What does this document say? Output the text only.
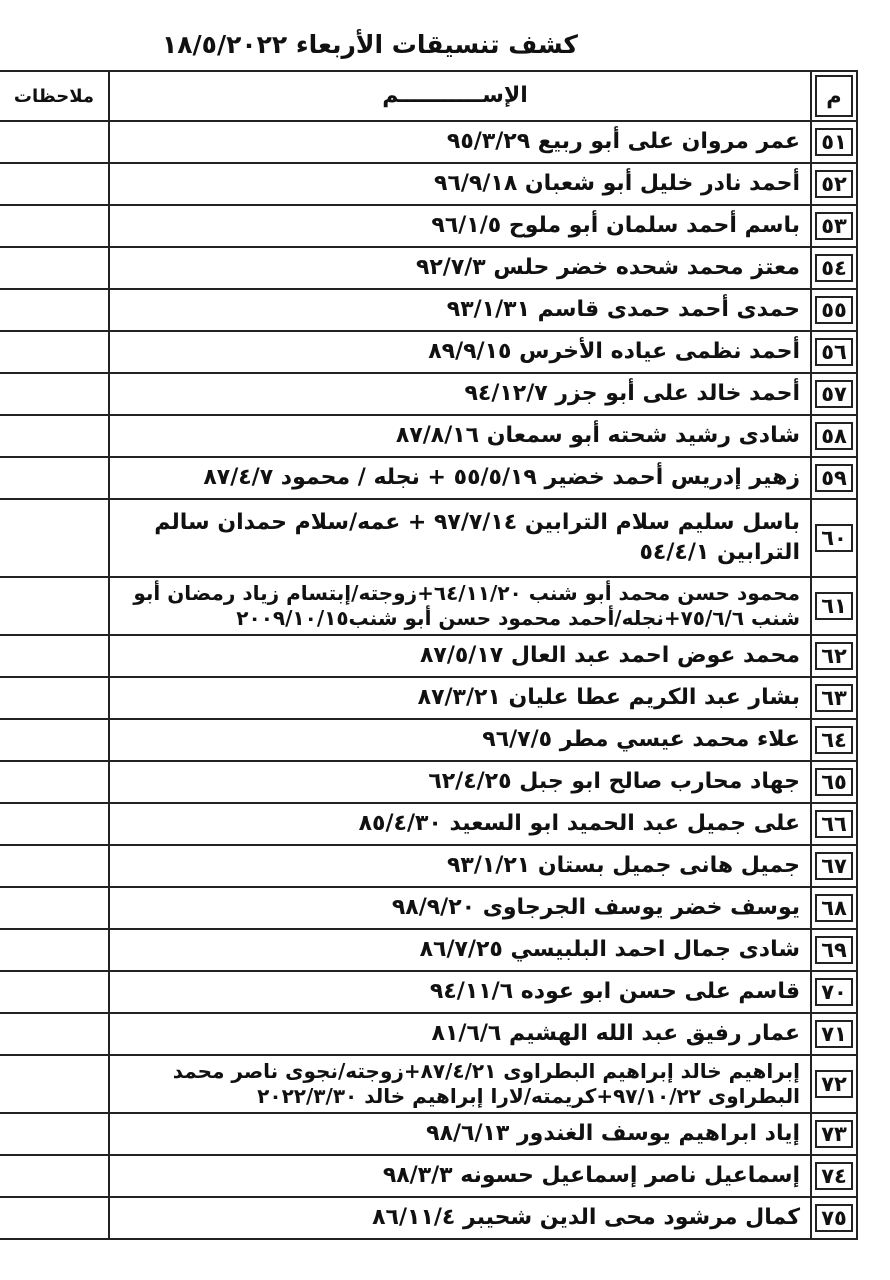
كشف تنسيقات الأربعاء ١٨/٥/٢٠٢٢
م	الإســـــــــــم	ملاحظات

٥١	عمر مروان على أبو ربيع ٩٥/٣/٢٩	

٥٢	أحمد نادر خليل أبو شعبان ٩٦/٩/١٨	

٥٣	باسم أحمد سلمان أبو ملوح ٩٦/١/٥	

٥٤	معتز محمد شحده خضر حلس ٩٢/٧/٣	

٥٥	حمدى أحمد حمدى قاسم ٩٣/١/٣١	

٥٦	أحمد نظمى عياده الأخرس ٨٩/٩/١٥	

٥٧	أحمد خالد على أبو جزر ٩٤/١٢/٧	

٥٨	شادى رشيد شحته أبو سمعان ٨٧/٨/١٦	

٥٩	زهير إدريس أحمد خضير ٥٥/٥/١٩ + نجله / محمود ٨٧/٤/٧	

٦٠	باسل سليم سلام الترابين ٩٧/٧/١٤ + عمه/سلام حمدان سالم الترابين ٥٤/٤/١	

٦١	محمود حسن محمد أبو شنب ٦٤/١١/٢٠+زوجته/إبتسام زياد رمضان أبو شنب ٧٥/٦/٦+نجله/أحمد محمود حسن أبو شنب٢٠٠٩/١٠/١٥	

٦٢	محمد عوض احمد عبد العال ٨٧/٥/١٧	

٦٣	بشار عبد الكريم عطا عليان ٨٧/٣/٢١	

٦٤	علاء محمد عيسي مطر ٩٦/٧/٥	

٦٥	جهاد محارب صالح ابو جبل ٦٢/٤/٢٥	

٦٦	على جميل عبد الحميد ابو السعيد ٨٥/٤/٣٠	

٦٧	جميل هانى جميل بستان ٩٣/١/٢١	

٦٨	يوسف خضر يوسف الجرجاوى ٩٨/٩/٢٠	

٦٩	شادى جمال احمد البلبيسي ٨٦/٧/٢٥	

٧٠	قاسم على حسن ابو عوده ٩٤/١١/٦	

٧١	عمار رفيق عبد الله الهشيم ٨١/٦/٦	

٧٢	إبراهيم خالد إبراهيم البطراوى ٨٧/٤/٢١+زوجته/نجوى ناصر محمد البطراوى ٩٧/١٠/٢٢+كريمته/لارا إبراهيم خالد ٢٠٢٢/٣/٣٠	

٧٣	إياد ابراهيم يوسف الغندور ٩٨/٦/١٣	

٧٤	إسماعيل ناصر إسماعيل حسونه ٩٨/٣/٣	

٧٥	كمال مرشود محى الدين شحيبر ٨٦/١١/٤	
